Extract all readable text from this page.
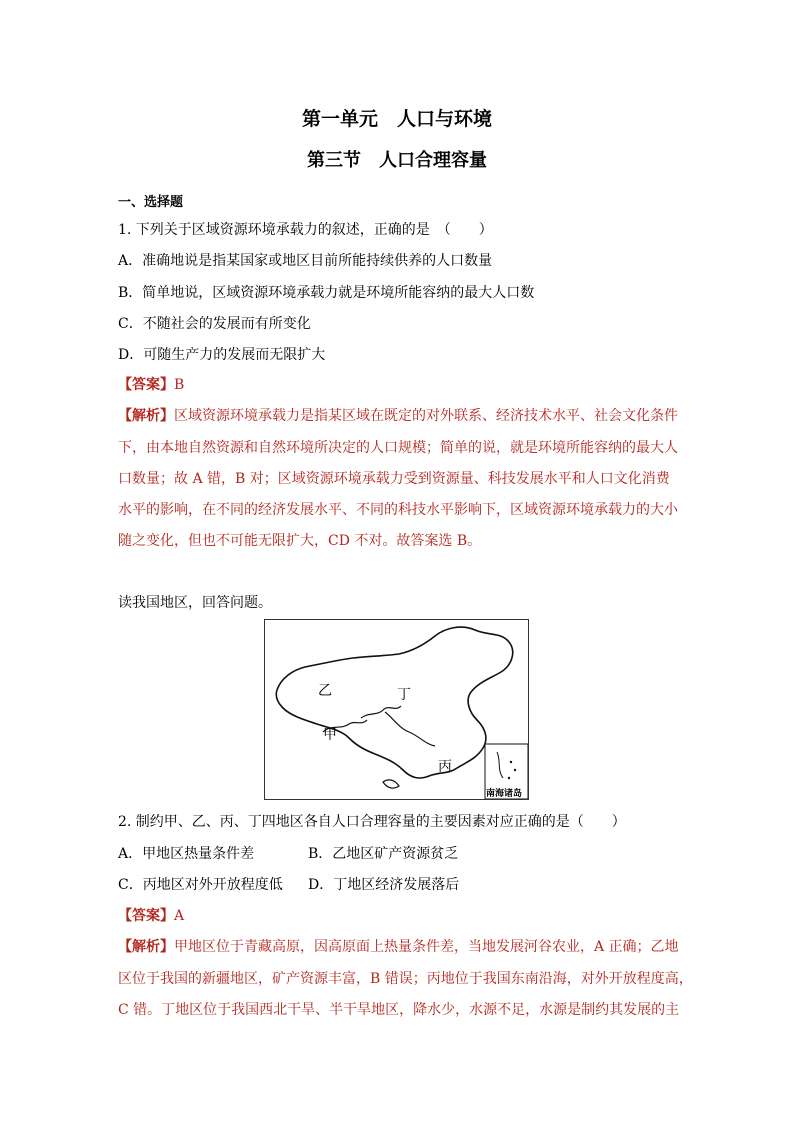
第一单元　人口与环境
第三节　人口合理容量
一、选择题
1. 下列关于区域资源环境承载力的叙述，正确的是　（　　）
A．准确地说是指某国家或地区目前所能持续供养的人口数量
B．简单地说，区域资源环境承载力就是环境所能容纳的最大人口数
C．不随社会的发展而有所变化
D．可随生产力的发展而无限扩大
【答案】B
【解析】区域资源环境承载力是指某区域在既定的对外联系、经济技术水平、社会文化条件
下，由本地自然资源和自然环境所决定的人口规模；简单的说，就是环境所能容纳的最大人
口数量；故 A 错，B 对；区域资源环境承载力受到资源量、科技发展水平和人口文化消费
水平的影响，在不同的经济发展水平、不同的科技水平影响下，区域资源环境承载力的大小
随之变化，但也不可能无限扩大，CD 不对。故答案选 B。
读我国地区，回答问题。
乙	丁
甲
丙
南海诸岛
2. 制约甲、乙、丙、丁四地区各自人口合理容量的主要因素对应正确的是（　　）
A．甲地区热量条件差	B．乙地区矿产资源贫乏
C．丙地区对外开放程度低 D．丁地区经济发展落后
【答案】A
【解析】甲地区位于青藏高原，因高原面上热量条件差，当地发展河谷农业，A 正确；乙地
区位于我国的新疆地区，矿产资源丰富，B 错误；丙地位于我国东南沿海，对外开放程度高，
C 错。丁地区位于我国西北干旱、半干旱地区，降水少，水源不足，水源是制约其发展的主
